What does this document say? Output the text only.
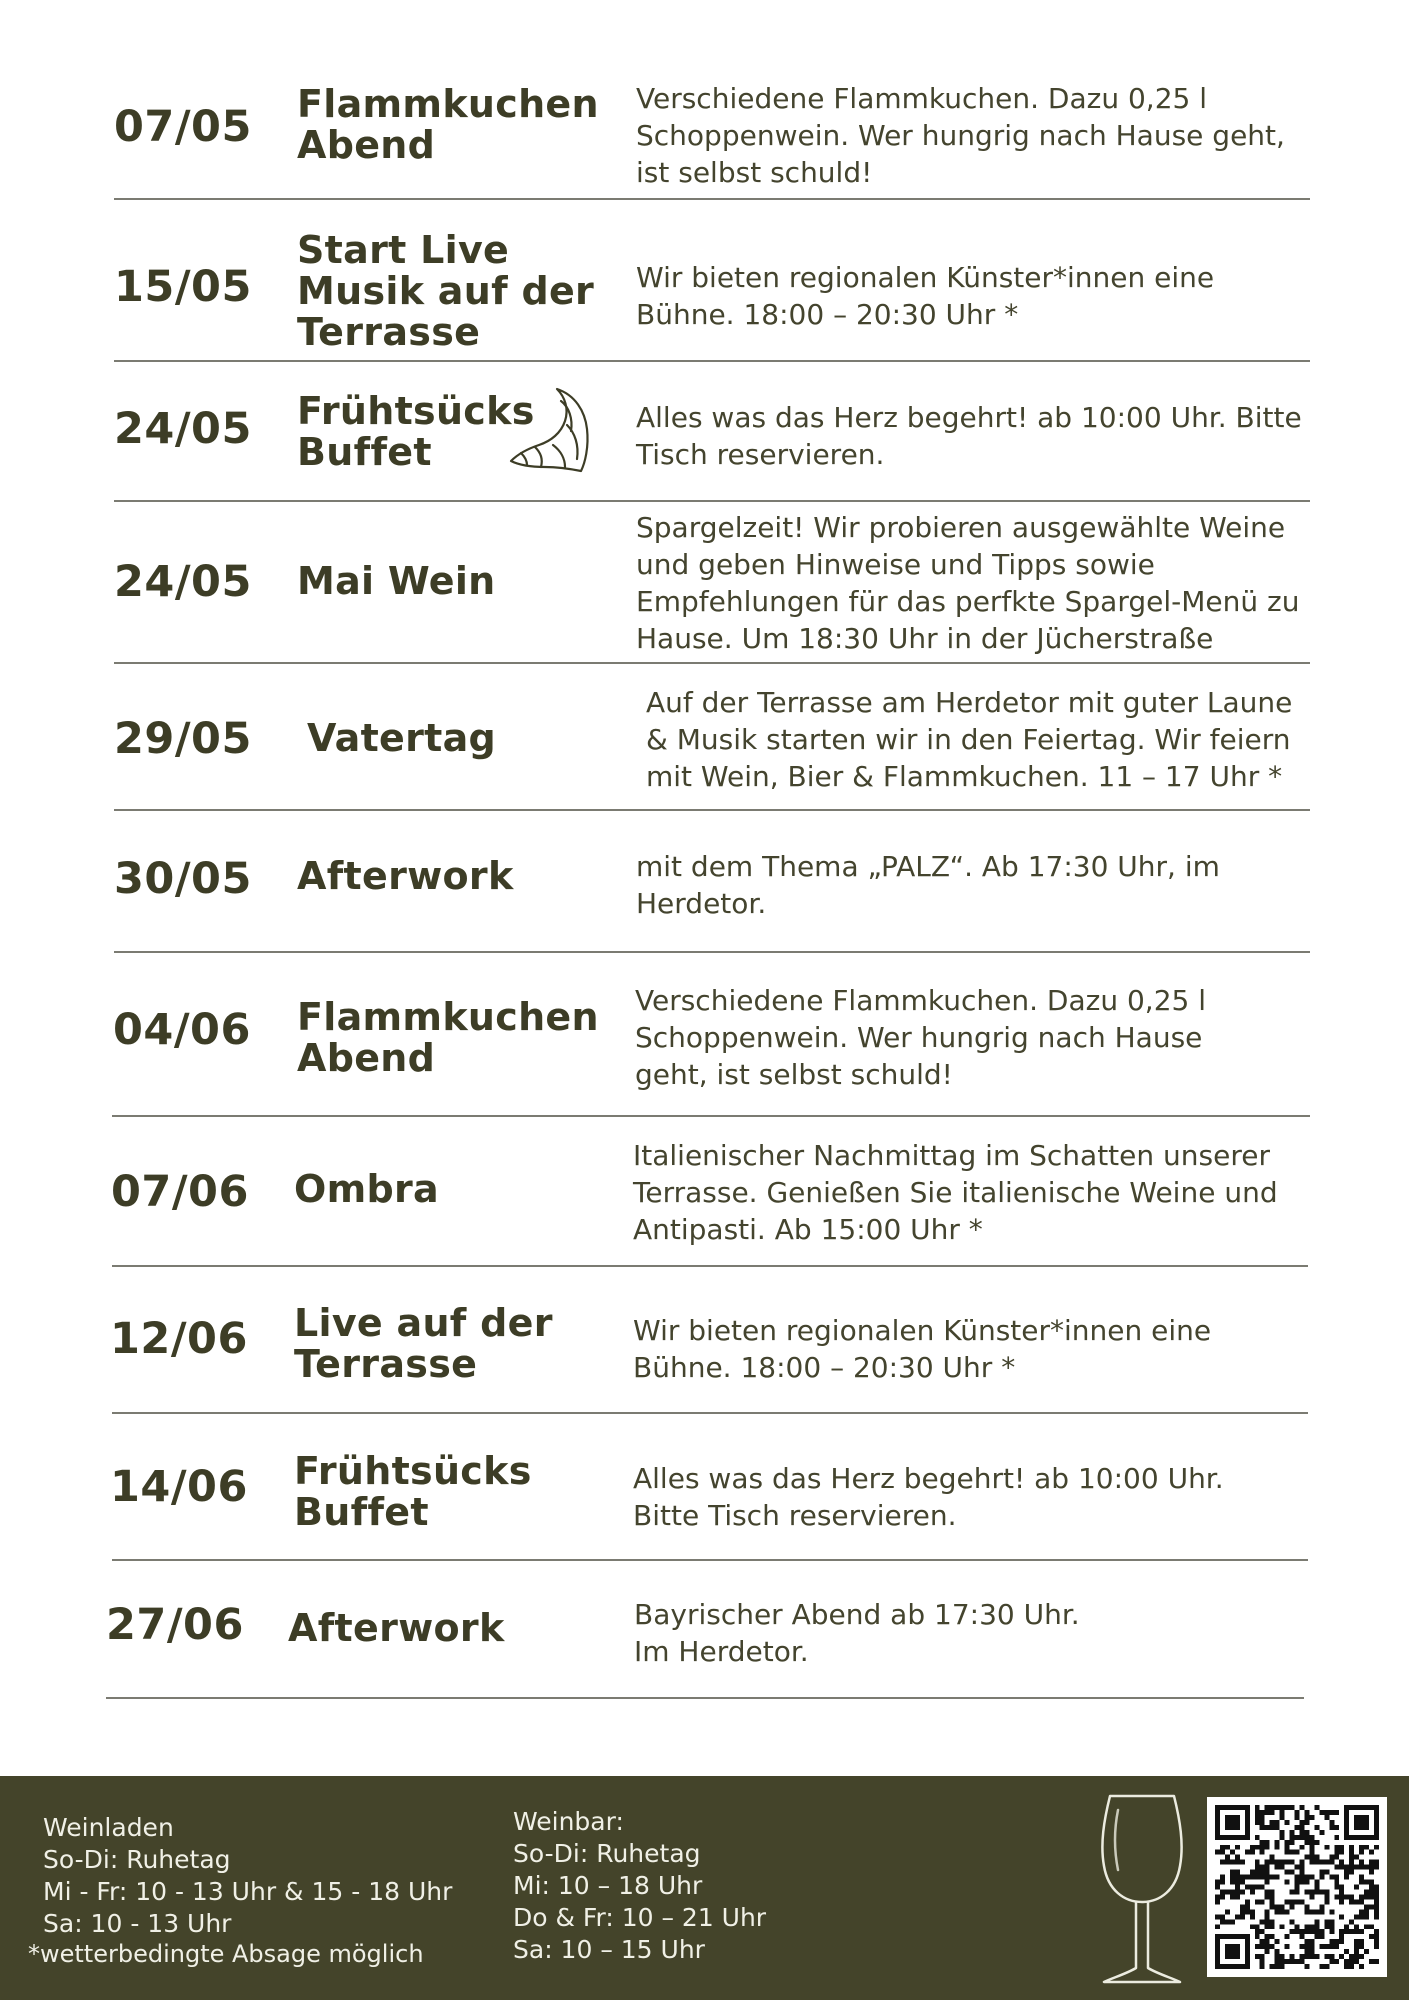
07/05 Flammkuchen
Abend
Verschiedene Flammkuchen. Dazu 0,25 l
Schoppenwein. Wer hungrig nach Hause geht,
ist selbst schuld!
15/05
Start Live
Musik auf der
Terrasse
Wir bieten regionalen Künster*innen eine
Bühne. 18:00 – 20:30 Uhr *
24/05 Frühtsücks
Buffet
Alles was das Herz begehrt! ab 10:00 Uhr. Bitte
Tisch reservieren.
24/05 Mai Wein
Spargelzeit! Wir probieren ausgewählte Weine
und geben Hinweise und Tipps sowie
Empfehlungen für das perfkte Spargel-Menü zu
Hause. Um 18:30 Uhr in der Jücherstraße
29/05 Vatertag
Auf der Terrasse am Herdetor mit guter Laune
& Musik starten wir in den Feiertag. Wir feiern
mit Wein, Bier & Flammkuchen. 11 – 17 Uhr *
30/05 Afterwork	mit dem Thema „PALZ“. Ab 17:30 Uhr, im
Herdetor.
04/06 Flammkuchen
Abend
Verschiedene Flammkuchen. Dazu 0,25 l
Schoppenwein. Wer hungrig nach Hause
geht, ist selbst schuld!
07/06 Ombra
Italienischer Nachmittag im Schatten unserer
Terrasse. Genießen Sie italienische Weine und
Antipasti. Ab 15:00 Uhr *
12/06 Live auf der
Terrasse
Wir bieten regionalen Künster*innen eine
Bühne. 18:00 – 20:30 Uhr *
14/06 Frühtsücks
Buffet
Alles was das Herz begehrt! ab 10:00 Uhr.
Bitte Tisch reservieren.
27/06 Afterwork	Bayrischer Abend ab 17:30 Uhr.
Im Herdetor.
Weinladen
So-Di: Ruhetag
Mi - Fr: 10 - 13 Uhr & 15 - 18 Uhr
Sa: 10 - 13 Uhr
*wetterbedingte Absage möglich
Weinbar:
So-Di: Ruhetag
Mi: 10 – 18 Uhr
Do & Fr: 10 – 21 Uhr
Sa: 10 – 15 Uhr
